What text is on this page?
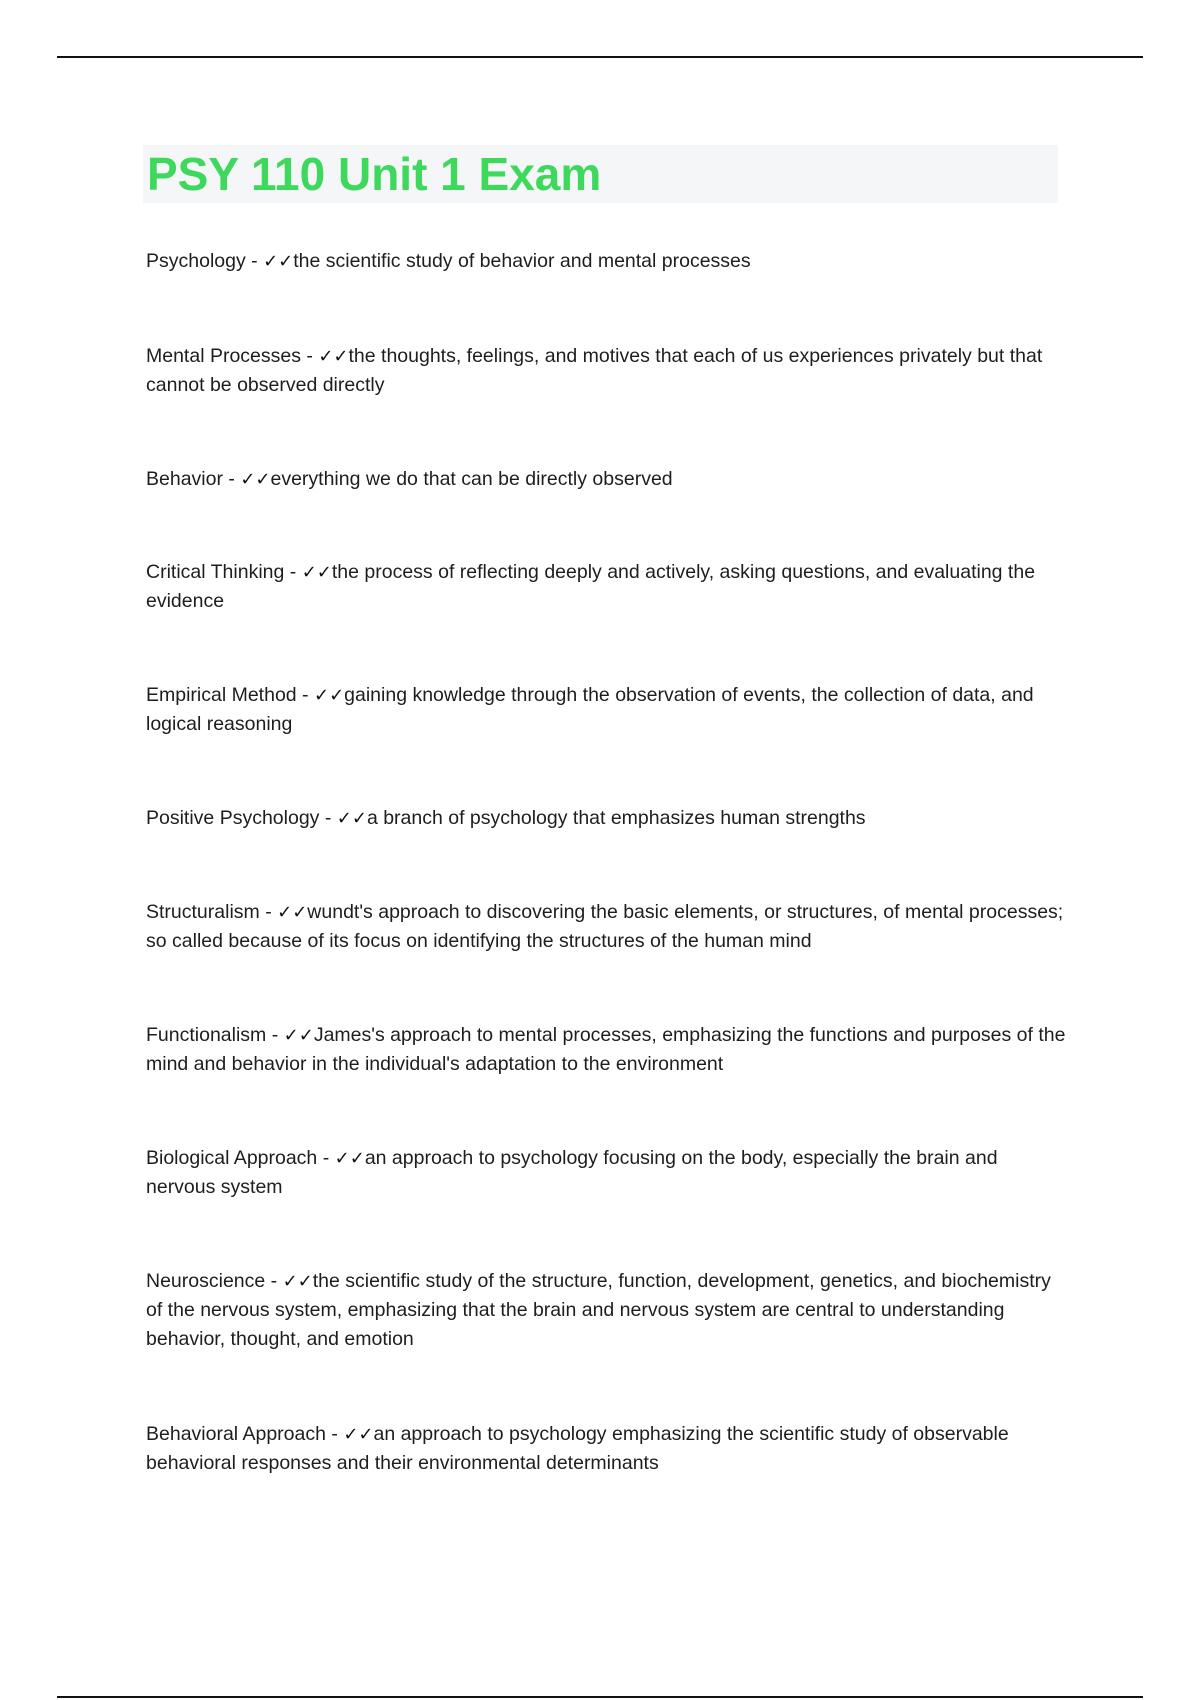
PSY 110 Unit 1 Exam
Psychology - ✓✓the scientific study of behavior and mental processes
Mental Processes - ✓✓the thoughts, feelings, and motives that each of us experiences privately but that cannot be observed directly
Behavior - ✓✓everything we do that can be directly observed
Critical Thinking - ✓✓the process of reflecting deeply and actively, asking questions, and evaluating the evidence
Empirical Method - ✓✓gaining knowledge through the observation of events, the collection of data, and logical reasoning
Positive Psychology - ✓✓a branch of psychology that emphasizes human strengths
Structuralism - ✓✓wundt's approach to discovering the basic elements, or structures, of mental processes; so called because of its focus on identifying the structures of the human mind
Functionalism - ✓✓James's approach to mental processes, emphasizing the functions and purposes of the mind and behavior in the individual's adaptation to the environment
Biological Approach - ✓✓an approach to psychology focusing on the body, especially the brain and nervous system
Neuroscience - ✓✓the scientific study of the structure, function, development, genetics, and biochemistry of the nervous system, emphasizing that the brain and nervous system are central to understanding behavior, thought, and emotion
Behavioral Approach - ✓✓an approach to psychology emphasizing the scientific study of observable behavioral responses and their environmental determinants
